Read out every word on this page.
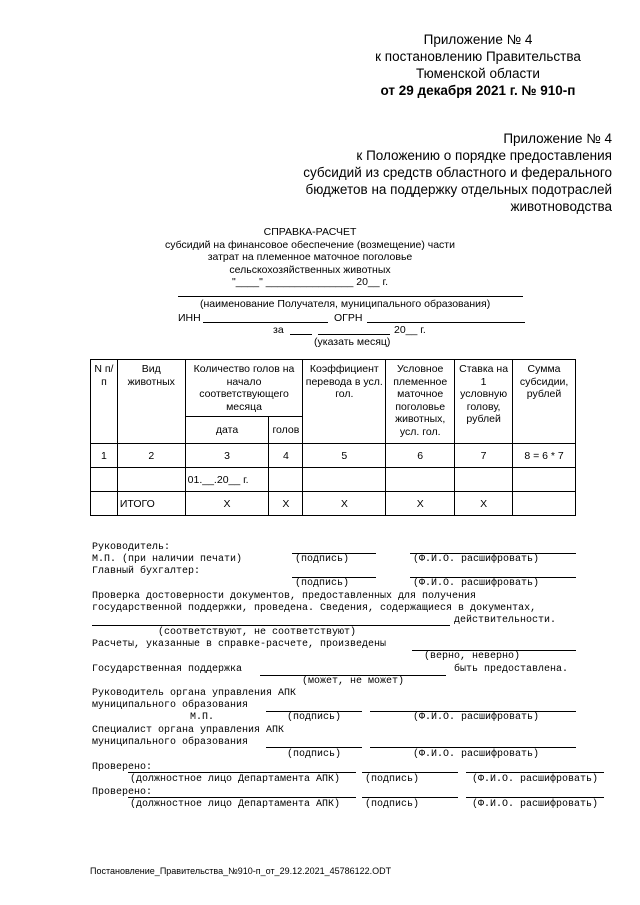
Приложение № 4
к постановлению Правительства
Тюменской области
от 29 декабря 2021 г. № 910-п
Приложение № 4
к Положению о порядке предоставления
субсидий из средств областного и федерального
бюджетов на поддержку отдельных подотраслей
животноводства
СПРАВКА-РАСЧЕТ
субсидий на финансовое обеспечение (возмещение) части
затрат на племенное маточное поголовье
сельскохозяйственных животных
"____" _______________ 20__ г.
(наименование Получателя, муниципального образования)
ИНН	ОГРН
за	20__ г.
(указать месяц)
N п/п	Вид животных	Количество голов на начало соответствующего месяца		Коэффициент перевода в усл. гол.	Условное племенное маточное поголовье животных, усл. гол.	Ставка на 1 условную голову, рублей	Сумма субсидии, рублей
		дата	голов				
1	2	3	4	5	6	7	8 = 6 * 7
		01.__.20__ г.					
	ИТОГО	X	X	X	X	X	
Руководитель:
М.П. (при наличии печати)	(подпись)	(Ф.И.О. расшифровать)
Главный бухгалтер:
(подпись)	(Ф.И.О. расшифровать)
Проверка достоверности документов, предоставленных для получения
государственной поддержки, проведена. Сведения, содержащиеся в документах,
действительности.
(соответствуют, не соответствуют)
Расчеты, указанные в справке-расчете, произведены
(верно, неверно)
Государственная поддержка	быть предоставлена.
(может, не может)
Руководитель органа управления АПК
муниципального образования
М.П.	(подпись)	(Ф.И.О. расшифровать)
Специалист органа управления АПК
муниципального образования
(подпись)	(Ф.И.О. расшифровать)
Проверено:
(должностное лицо Департамента АПК) (подпись)	(Ф.И.О. расшифровать)
Проверено:
(должностное лицо Департамента АПК) (подпись)	(Ф.И.О. расшифровать)
Постановление_Правительства_№910-п_от_29.12.2021_45786122.ODT
